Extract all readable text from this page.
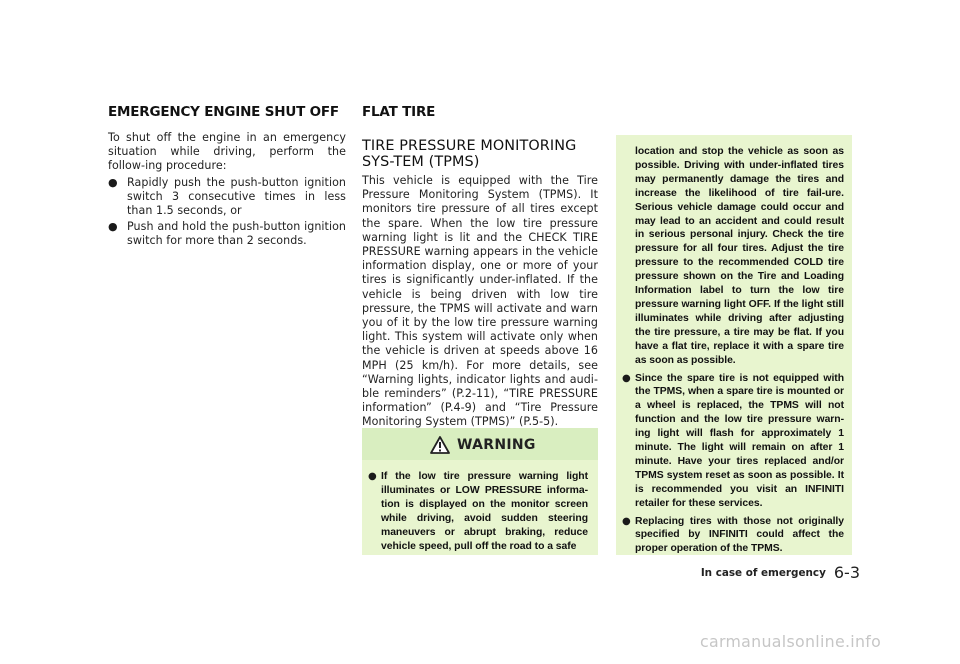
EMERGENCY ENGINE SHUT OFF FLAT TIRE

To shut off the engine in an emergency situation while driving, perform the follow-ing procedure:

● Rapidly push the push-button ignition switch 3 consecutive times in less than 1.5 seconds, or

● Push and hold the push-button ignition switch for more than 2 seconds.

TIRE PRESSURE MONITORING SYS-TEM (TPMS)

This vehicle is equipped with the Tire Pressure Monitoring System (TPMS). It monitors tire pressure of all tires except the spare. When the low tire pressure warning light is lit and the CHECK TIRE PRESSURE warning appears in the vehicle information display, one or more of your tires is significantly under-inflated. If the vehicle is being driven with low tire pressure, the TPMS will activate and warn you of it by the low tire pressure warning light. This system will activate only when the vehicle is driven at speeds above 16 MPH (25 km/h). For more details, see “Warning lights, indicator lights and audi-ble reminders” (P.2-11), “TIRE PRESSURE information” (P.4-9) and “Tire Pressure Monitoring System (TPMS)” (P.5-5).

WARNING
● If the low tire pressure warning light illuminates or LOW PRESSURE informa-tion is displayed on the monitor screen while driving, avoid sudden steering maneuvers or abrupt braking, reduce vehicle speed, pull off the road to a safe

location and stop the vehicle as soon as possible. Driving with under-inflated tires may permanently damage the tires and increase the likelihood of tire fail-ure. Serious vehicle damage could occur and may lead to an accident and could result in serious personal injury. Check the tire pressure for all four tires. Adjust the tire pressure to the recommended COLD tire pressure shown on the Tire and Loading Information label to turn the low tire pressure warning light OFF. If the light still illuminates while driving after adjusting the tire pressure, a tire may be flat. If you have a flat tire, replace it with a spare tire as soon as possible.

● Since the spare tire is not equipped with the TPMS, when a spare tire is mounted or a wheel is replaced, the TPMS will not function and the low tire pressure warn-ing light will flash for approximately 1 minute. The light will remain on after 1 minute. Have your tires replaced and/or TPMS system reset as soon as possible. It is recommended you visit an INFINITI retailer for these services.

● Replacing tires with those not originally specified by INFINITI could affect the proper operation of the TPMS.

In case of emergency 6-3
carmanualsonline.info
